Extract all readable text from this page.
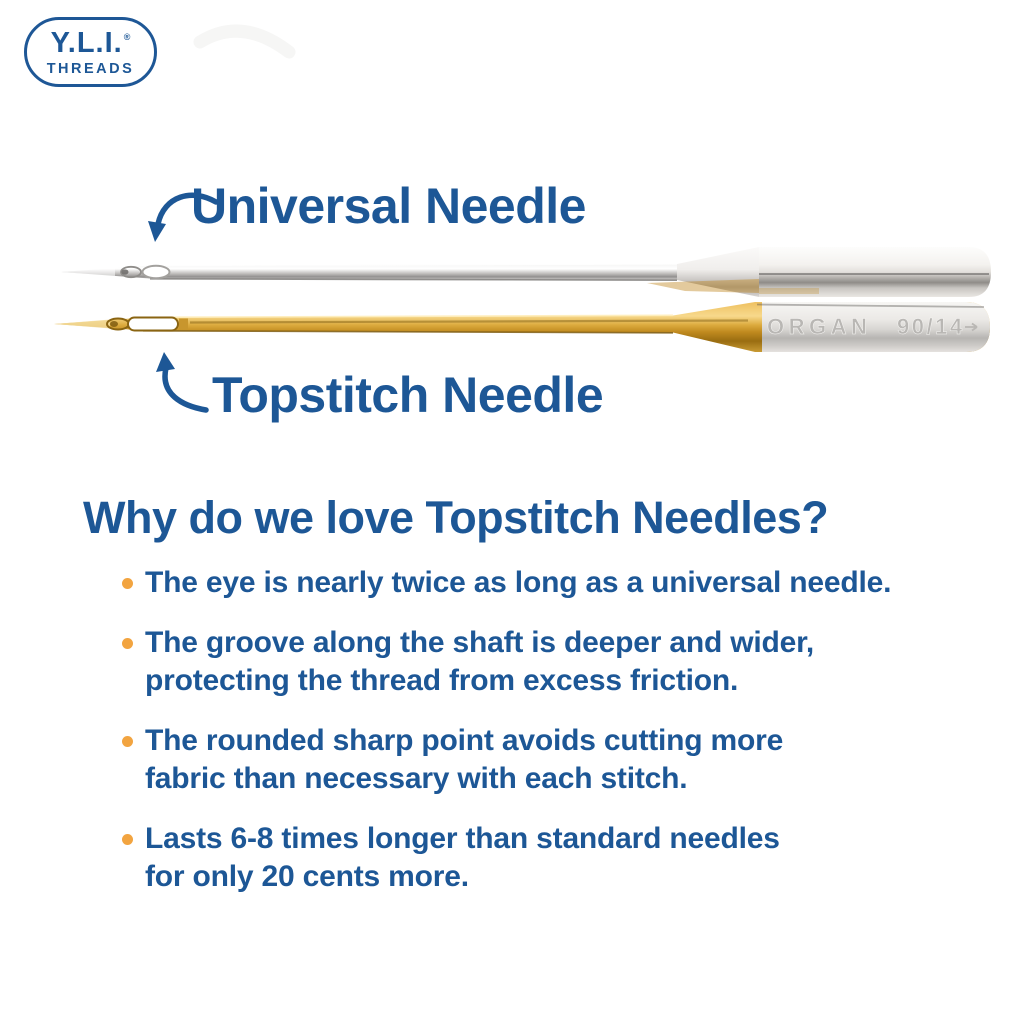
Y.L.I.®
THREADS
Universal Needle
ORGAN 90/14
Topstitch Needle
Why do we love Topstitch Needles?
The eye is nearly twice as long as a universal needle.
The groove along the shaft is deeper and wider,
protecting the thread from excess friction.
The rounded sharp point avoids cutting more
fabric than necessary with each stitch.
Lasts 6-8 times longer than standard needles
for only 20 cents more.
